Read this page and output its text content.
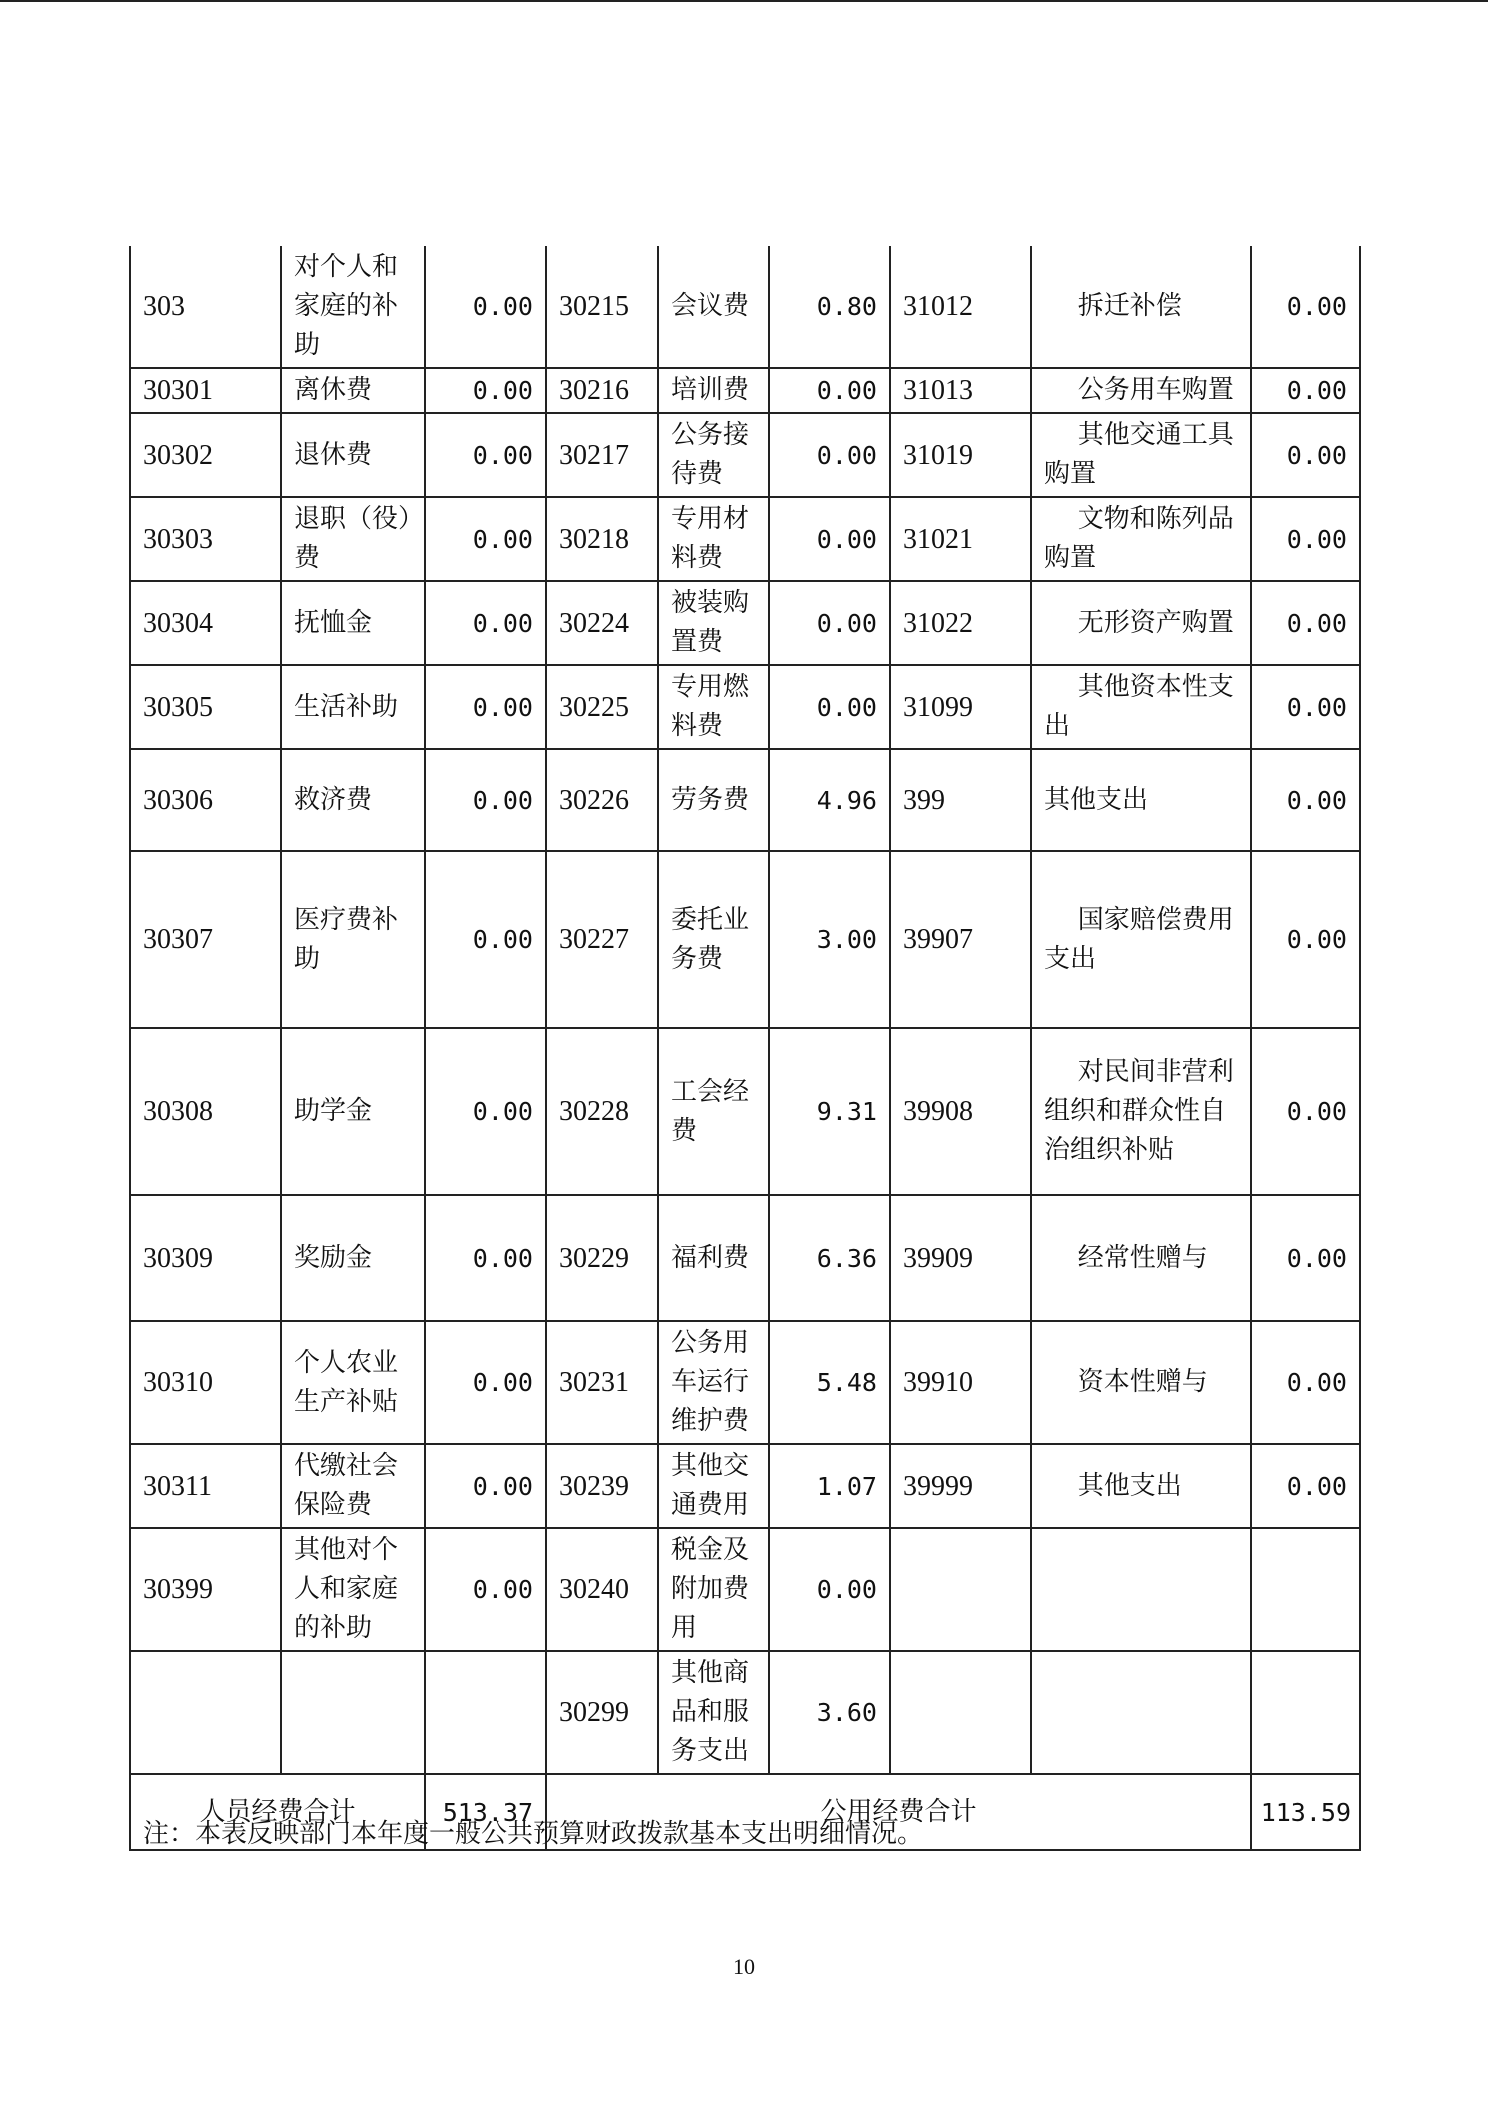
303	对个人和家庭的补助	0.00	30215	会议费	0.80	31012	拆迁补偿	0.00
30301	离休费	0.00	30216	培训费	0.00	31013	公务用车购置	0.00
30302	退休费	0.00	30217	公务接待费	0.00	31019	其他交通工具购置	0.00
30303	退职（役）费	0.00	30218	专用材料费	0.00	31021	文物和陈列品购置	0.00
30304	抚恤金	0.00	30224	被装购置费	0.00	31022	无形资产购置	0.00
30305	生活补助	0.00	30225	专用燃料费	0.00	31099	其他资本性支出	0.00
30306	救济费	0.00	30226	劳务费	4.96	399	其他支出	0.00
30307	医疗费补助	0.00	30227	委托业务费	3.00	39907	国家赔偿费用支出	0.00
30308	助学金	0.00	30228	工会经费	9.31	39908	对民间非营利组织和群众性自治组织补贴	0.00
30309	奖励金	0.00	30229	福利费	6.36	39909	经常性赠与	0.00
30310	个人农业生产补贴	0.00	30231	公务用车运行维护费	5.48	39910	资本性赠与	0.00
30311	代缴社会保险费	0.00	30239	其他交通费用	1.07	39999	其他支出	0.00
30399	其他对个人和家庭的补助	0.00	30240	税金及附加费用	0.00			
			30299	其他商品和服务支出	3.60			
人员经费合计		513.37	公用经费合计					113.59
注：本表反映部门本年度一般公共预算财政拨款基本支出明细情况。
10
